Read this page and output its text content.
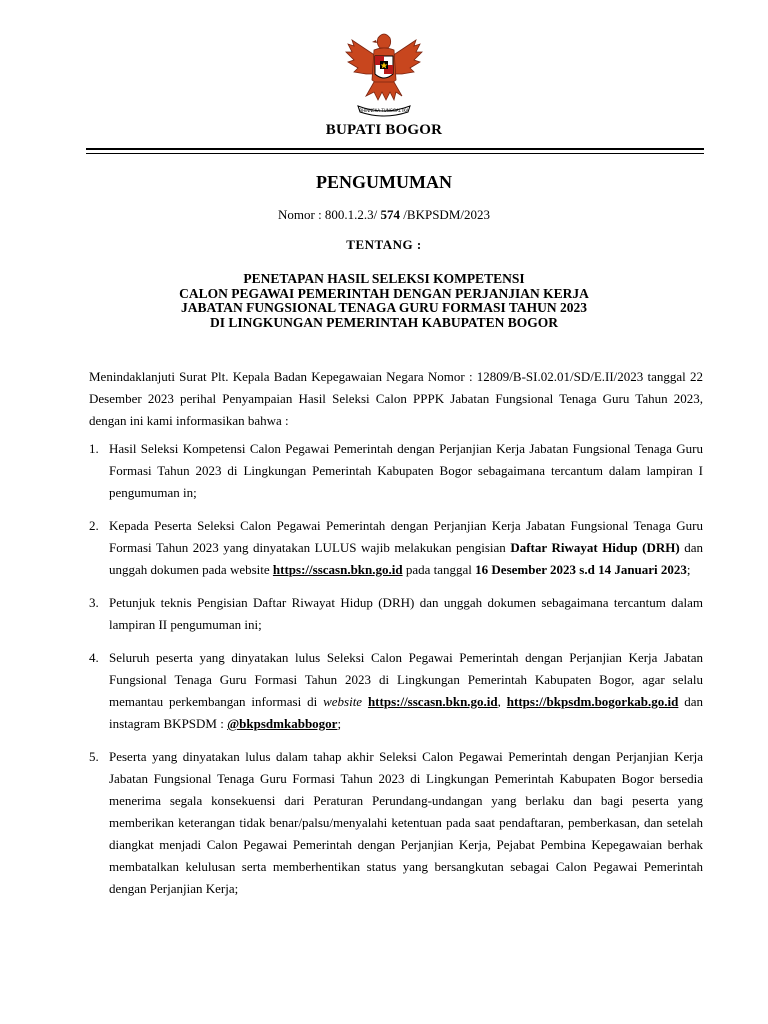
BHINNEKA TUNGGAL IKA
BUPATI BOGOR
PENGUMUMAN
Nomor : 800.1.2.3/ 574 /BKPSDM/2023
TENTANG :
PENETAPAN HASIL SELEKSI KOMPETENSI
CALON PEGAWAI PEMERINTAH DENGAN PERJANJIAN KERJA
JABATAN FUNGSIONAL TENAGA GURU FORMASI TAHUN 2023
DI LINGKUNGAN PEMERINTAH KABUPATEN BOGOR
Menindaklanjuti Surat Plt. Kepala Badan Kepegawaian Negara Nomor : 12809/B-SI.02.01/SD/E.II/2023 tanggal 22 Desember 2023 perihal Penyampaian Hasil Seleksi Calon PPPK Jabatan Fungsional Tenaga Guru Tahun 2023, dengan ini kami informasikan bahwa :
1. Hasil Seleksi Kompetensi Calon Pegawai Pemerintah dengan Perjanjian Kerja Jabatan Fungsional Tenaga Guru Formasi Tahun 2023 di Lingkungan Pemerintah Kabupaten Bogor sebagaimana tercantum dalam lampiran I pengumuman in;
2. Kepada Peserta Seleksi Calon Pegawai Pemerintah dengan Perjanjian Kerja Jabatan Fungsional Tenaga Guru Formasi Tahun 2023 yang dinyatakan LULUS wajib melakukan pengisian Daftar Riwayat Hidup (DRH) dan unggah dokumen pada website https://sscasn.bkn.go.id pada tanggal 16 Desember 2023 s.d 14 Januari 2023;
3. Petunjuk teknis Pengisian Daftar Riwayat Hidup (DRH) dan unggah dokumen sebagaimana tercantum dalam lampiran II pengumuman ini;
4. Seluruh peserta yang dinyatakan lulus Seleksi Calon Pegawai Pemerintah dengan Perjanjian Kerja Jabatan Fungsional Tenaga Guru Formasi Tahun 2023 di Lingkungan Pemerintah Kabupaten Bogor, agar selalu memantau perkembangan informasi di website https://sscasn.bkn.go.id, https://bkpsdm.bogorkab.go.id dan instagram BKPSDM : @bkpsdmkabbogor;
5. Peserta yang dinyatakan lulus dalam tahap akhir Seleksi Calon Pegawai Pemerintah dengan Perjanjian Kerja Jabatan Fungsional Tenaga Guru Formasi Tahun 2023 di Lingkungan Pemerintah Kabupaten Bogor bersedia menerima segala konsekuensi dari Peraturan Perundang-undangan yang berlaku dan bagi peserta yang memberikan keterangan tidak benar/palsu/menyalahi ketentuan pada saat pendaftaran, pemberkasan, dan setelah diangkat menjadi Calon Pegawai Pemerintah dengan Perjanjian Kerja, Pejabat Pembina Kepegawaian berhak membatalkan kelulusan serta memberhentikan status yang bersangkutan sebagai Calon Pegawai Pemerintah dengan Perjanjian Kerja;
